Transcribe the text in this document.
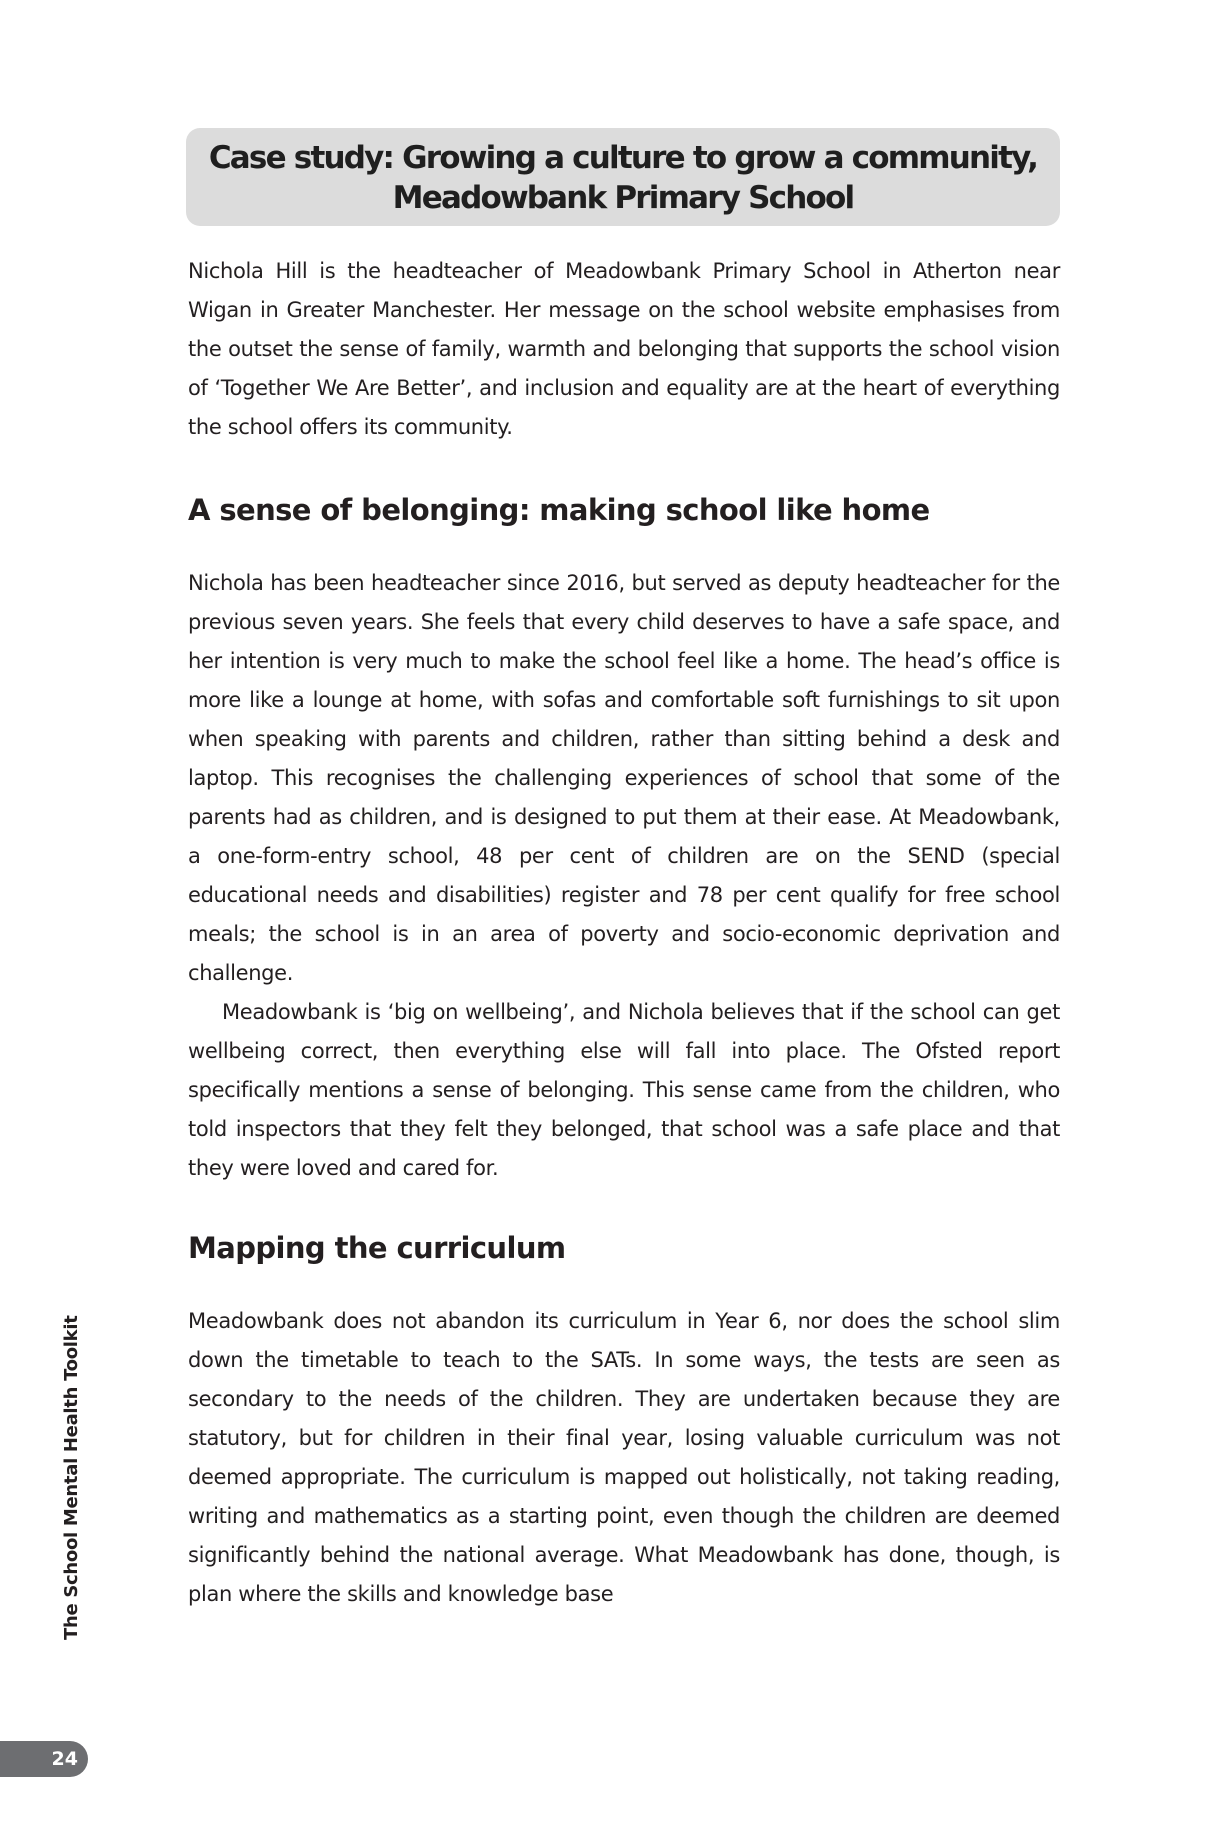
Case study: Growing a culture to grow a community,
Meadowbank Primary School

Nichola Hill is the headteacher of Meadowbank Primary School in Atherton near Wigan in Greater Manchester. Her message on the school website emphasises from the outset the sense of family, warmth and belonging that supports the school vision of ‘Together We Are Better’, and inclusion and equality are at the heart of everything the school offers its community.

A sense of belonging: making school like home

Nichola has been headteacher since 2016, but served as deputy headteacher for the previous seven years. She feels that every child deserves to have a safe space, and her intention is very much to make the school feel like a home. The head’s office is more like a lounge at home, with sofas and comfortable soft furnishings to sit upon when speaking with parents and children, rather than sitting behind a desk and laptop. This recognises the challenging experiences of school that some of the parents had as children, and is designed to put them at their ease. At Meadowbank, a one-form-entry school, 48 per cent of children are on the SEND (special educational needs and disabilities) register and 78 per cent qualify for free school meals; the school is in an area of poverty and socio-economic deprivation and challenge.

Meadowbank is ‘big on wellbeing’, and Nichola believes that if the school can get wellbeing correct, then everything else will fall into place. The Ofsted report specifically mentions a sense of belonging. This sense came from the children, who told inspectors that they felt they belonged, that school was a safe place and that they were loved and cared for.

Mapping the curriculum

Meadowbank does not abandon its curriculum in Year 6, nor does the school slim down the timetable to teach to the SATs. In some ways, the tests are seen as secondary to the needs of the children. They are undertaken because they are statutory, but for children in their final year, losing valuable curriculum was not deemed appropriate. The curriculum is mapped out holistically, not taking reading, writing and mathematics as a starting point, even though the children are deemed significantly behind the national average. What Meadowbank has done, though, is plan where the skills and knowledge base

The School Mental Health Toolkit
24
